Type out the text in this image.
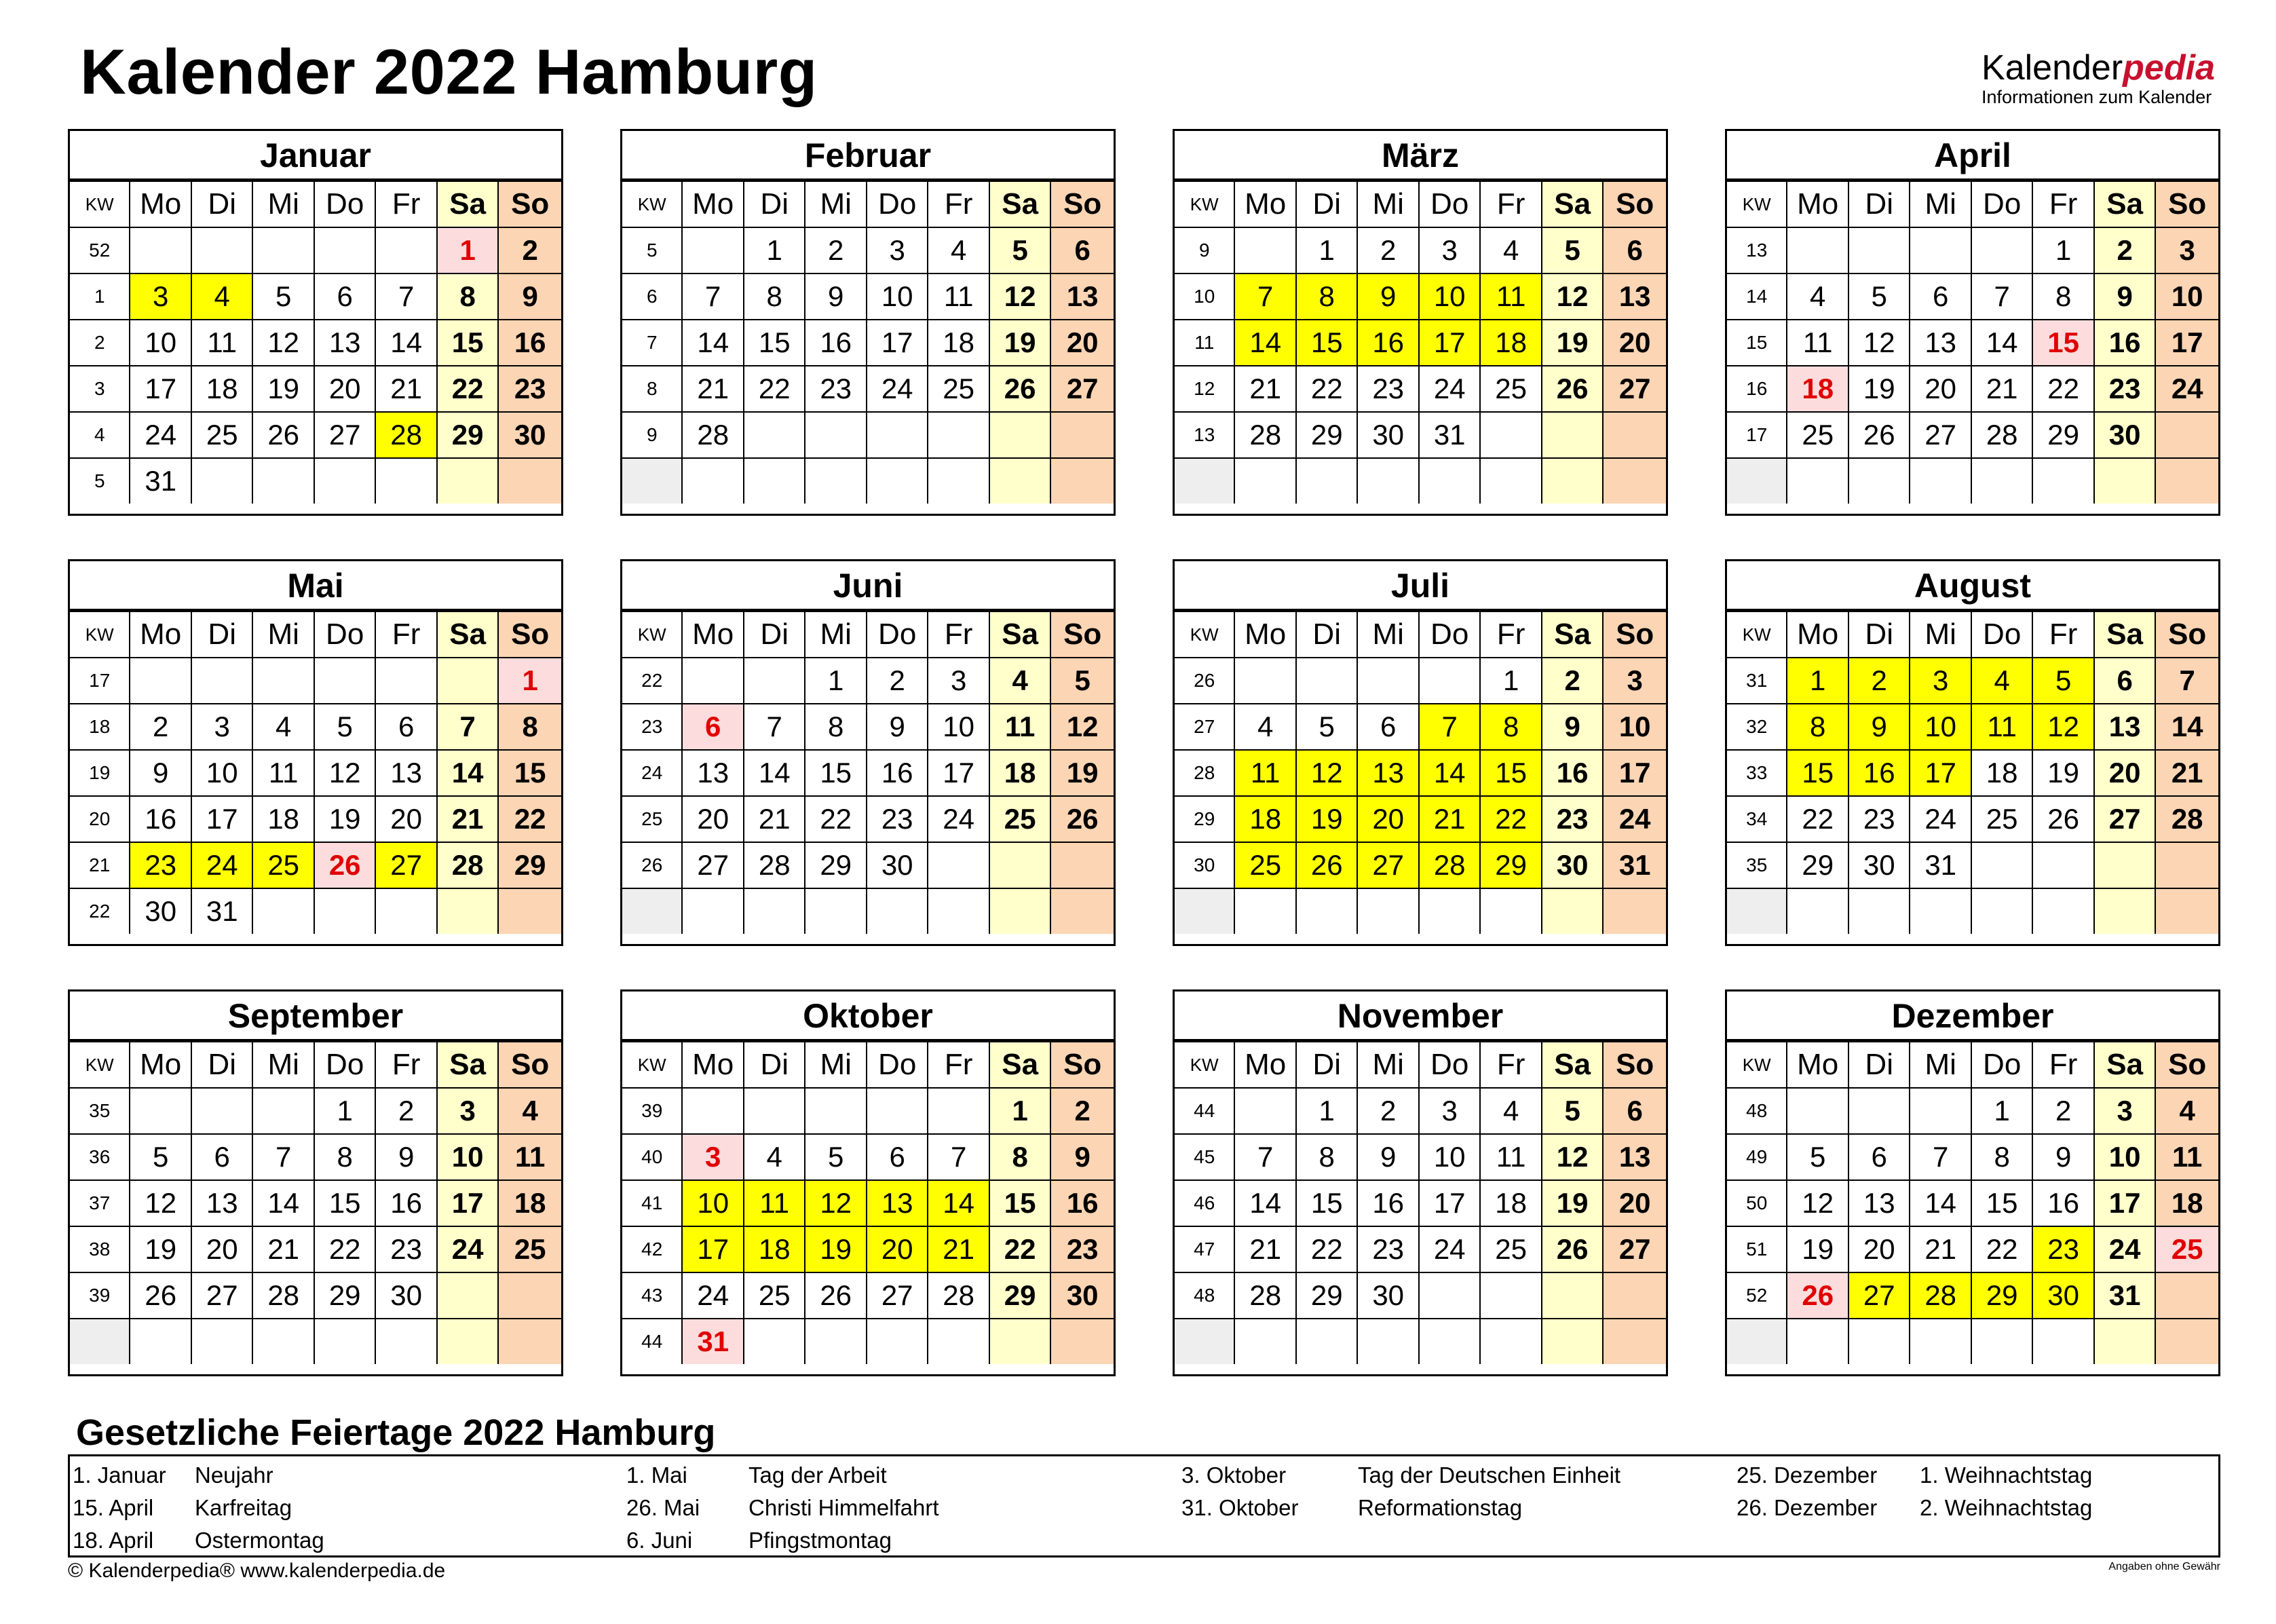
Kalender 2022 Hamburg	Kalenderpedia
Informationen zum Kalender
Januar
KW	Mo	Di	Mi	Do	Fr	Sa	So
52						1	2
1	3	4	5	6	7	8	9
2	10	11	12	13	14	15	16
3	17	18	19	20	21	22	23
4	24	25	26	27	28	29	30
5	31						
Februar
KW	Mo	Di	Mi	Do	Fr	Sa	So
5		1	2	3	4	5	6
6	7	8	9	10	11	12	13
7	14	15	16	17	18	19	20
8	21	22	23	24	25	26	27
9	28						

März
KW	Mo	Di	Mi	Do	Fr	Sa	So
9		1	2	3	4	5	6
10	7	8	9	10	11	12	13
11	14	15	16	17	18	19	20
12	21	22	23	24	25	26	27
13	28	29	30	31			

April
KW	Mo	Di	Mi	Do	Fr	Sa	So
13					1	2	3
14	4	5	6	7	8	9	10
15	11	12	13	14	15	16	17
16	18	19	20	21	22	23	24
17	25	26	27	28	29	30	

Mai
KW	Mo	Di	Mi	Do	Fr	Sa	So
17							1
18	2	3	4	5	6	7	8
19	9	10	11	12	13	14	15
20	16	17	18	19	20	21	22
21	23	24	25	26	27	28	29
22	30	31					
Juni
KW	Mo	Di	Mi	Do	Fr	Sa	So
22			1	2	3	4	5
23	6	7	8	9	10	11	12
24	13	14	15	16	17	18	19
25	20	21	22	23	24	25	26
26	27	28	29	30			

Juli
KW	Mo	Di	Mi	Do	Fr	Sa	So
26					1	2	3
27	4	5	6	7	8	9	10
28	11	12	13	14	15	16	17
29	18	19	20	21	22	23	24
30	25	26	27	28	29	30	31

August
KW	Mo	Di	Mi	Do	Fr	Sa	So
31	1	2	3	4	5	6	7
32	8	9	10	11	12	13	14
33	15	16	17	18	19	20	21
34	22	23	24	25	26	27	28
35	29	30	31				

September
KW	Mo	Di	Mi	Do	Fr	Sa	So
35				1	2	3	4
36	5	6	7	8	9	10	11
37	12	13	14	15	16	17	18
38	19	20	21	22	23	24	25
39	26	27	28	29	30		

Oktober
KW	Mo	Di	Mi	Do	Fr	Sa	So
39						1	2
40	3	4	5	6	7	8	9
41	10	11	12	13	14	15	16
42	17	18	19	20	21	22	23
43	24	25	26	27	28	29	30
44	31						
November
KW	Mo	Di	Mi	Do	Fr	Sa	So
44		1	2	3	4	5	6
45	7	8	9	10	11	12	13
46	14	15	16	17	18	19	20
47	21	22	23	24	25	26	27
48	28	29	30				

Dezember
KW	Mo	Di	Mi	Do	Fr	Sa	So
48				1	2	3	4
49	5	6	7	8	9	10	11
50	12	13	14	15	16	17	18
51	19	20	21	22	23	24	25
52	26	27	28	29	30	31	

Gesetzliche Feiertage 2022 Hamburg
1. Januar Neujahr
15. April Karfreitag
18. April Ostermontag
1. Mai	Tag der Arbeit
26. Mai Christi Himmelfahrt
6. Juni	Pfingstmontag
3. Oktober	Tag der Deutschen Einheit
31. Oktober	Reformationstag
25. Dezember 1. Weihnachtstag
26. Dezember 2. Weihnachtstag
© Kalenderpedia® www.kalenderpedia.de	Angaben ohne Gewähr
